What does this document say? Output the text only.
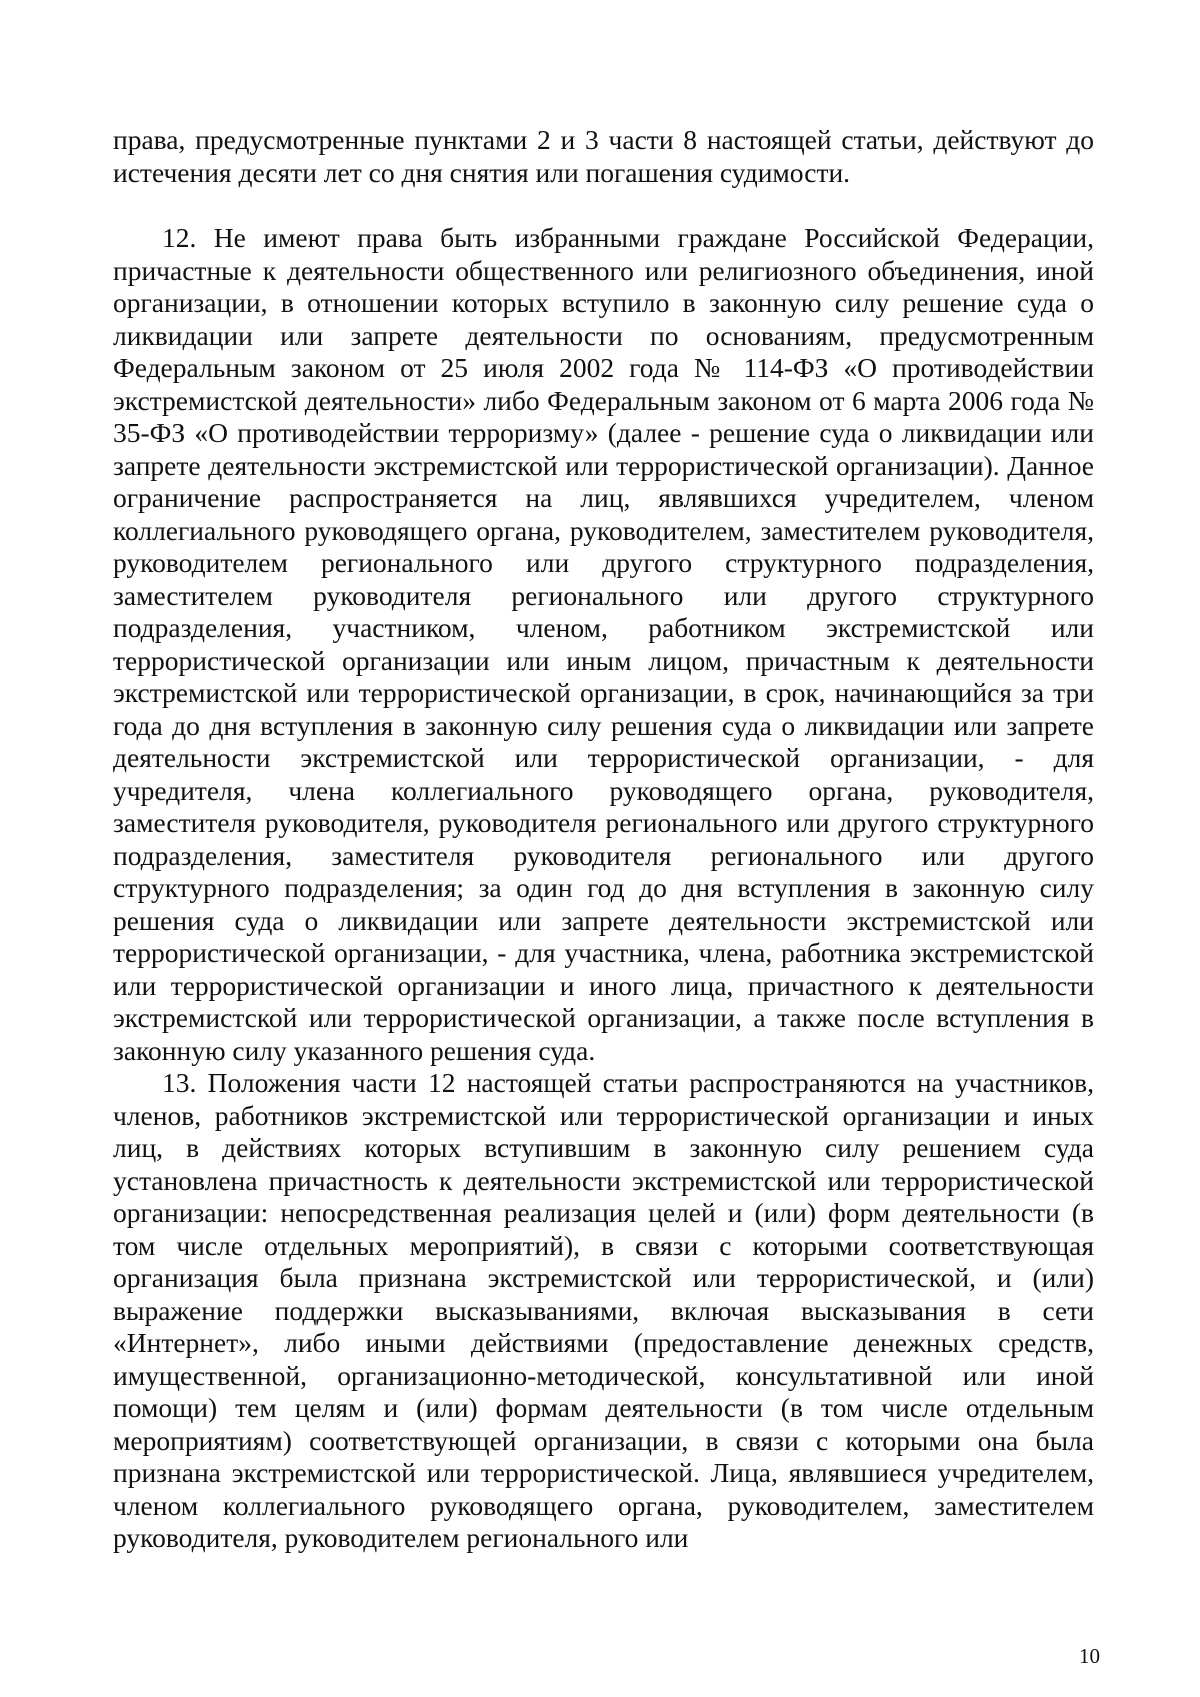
права, предусмотренные пунктами 2 и 3 части 8 настоящей статьи, действуют до истечения десяти лет со дня снятия или погашения судимости.

12. Не имеют права быть избранными граждане Российской Федерации, причастные к деятельности общественного или религиозного объединения, иной организации, в отношении которых вступило в законную силу решение суда о ликвидации или запрете деятельности по основаниям, предусмотренным Федеральным законом от 25 июля 2002 года № 114-ФЗ «О противодействии экстремистской деятельности» либо Федеральным законом от 6 марта 2006 года № 35-ФЗ «О противодействии терроризму» (далее - решение суда о ликвидации или запрете деятельности экстремистской или террористической организации). Данное ограничение распространяется на лиц, являвшихся учредителем, членом коллегиального руководящего органа, руководителем, заместителем руководителя, руководителем регионального или другого структурного подразделения, заместителем руководителя регионального или другого структурного подразделения, участником, членом, работником экстремистской или террористической организации или иным лицом, причастным к деятельности экстремистской или террористической организации, в срок, начинающийся за три года до дня вступления в законную силу решения суда о ликвидации или запрете деятельности экстремистской или террористической организации, - для учредителя, члена коллегиального руководящего органа, руководителя, заместителя руководителя, руководителя регионального или другого структурного подразделения, заместителя руководителя регионального или другого структурного подразделения; за один год до дня вступления в законную силу решения суда о ликвидации или запрете деятельности экстремистской или террористической организации, - для участника, члена, работника экстремистской или террористической организации и иного лица, причастного к деятельности экстремистской или террористической организации, а также после вступления в законную силу указанного решения суда.

13. Положения части 12 настоящей статьи распространяются на участников, членов, работников экстремистской или террористической организации и иных лиц, в действиях которых вступившим в законную силу решением суда установлена причастность к деятельности экстремистской или террористической организации: непосредственная реализация целей и (или) форм деятельности (в том числе отдельных мероприятий), в связи с которыми соответствующая организация была признана экстремистской или террористической, и (или) выражение поддержки высказываниями, включая высказывания в сети «Интернет», либо иными действиями (предоставление денежных средств, имущественной, организационно-методической, консультативной или иной помощи) тем целям и (или) формам деятельности (в том числе отдельным мероприятиям) соответствующей организации, в связи с которыми она была признана экстремистской или террористической. Лица, являвшиеся учредителем, членом коллегиального руководящего органа, руководителем, заместителем руководителя, руководителем регионального или

10
